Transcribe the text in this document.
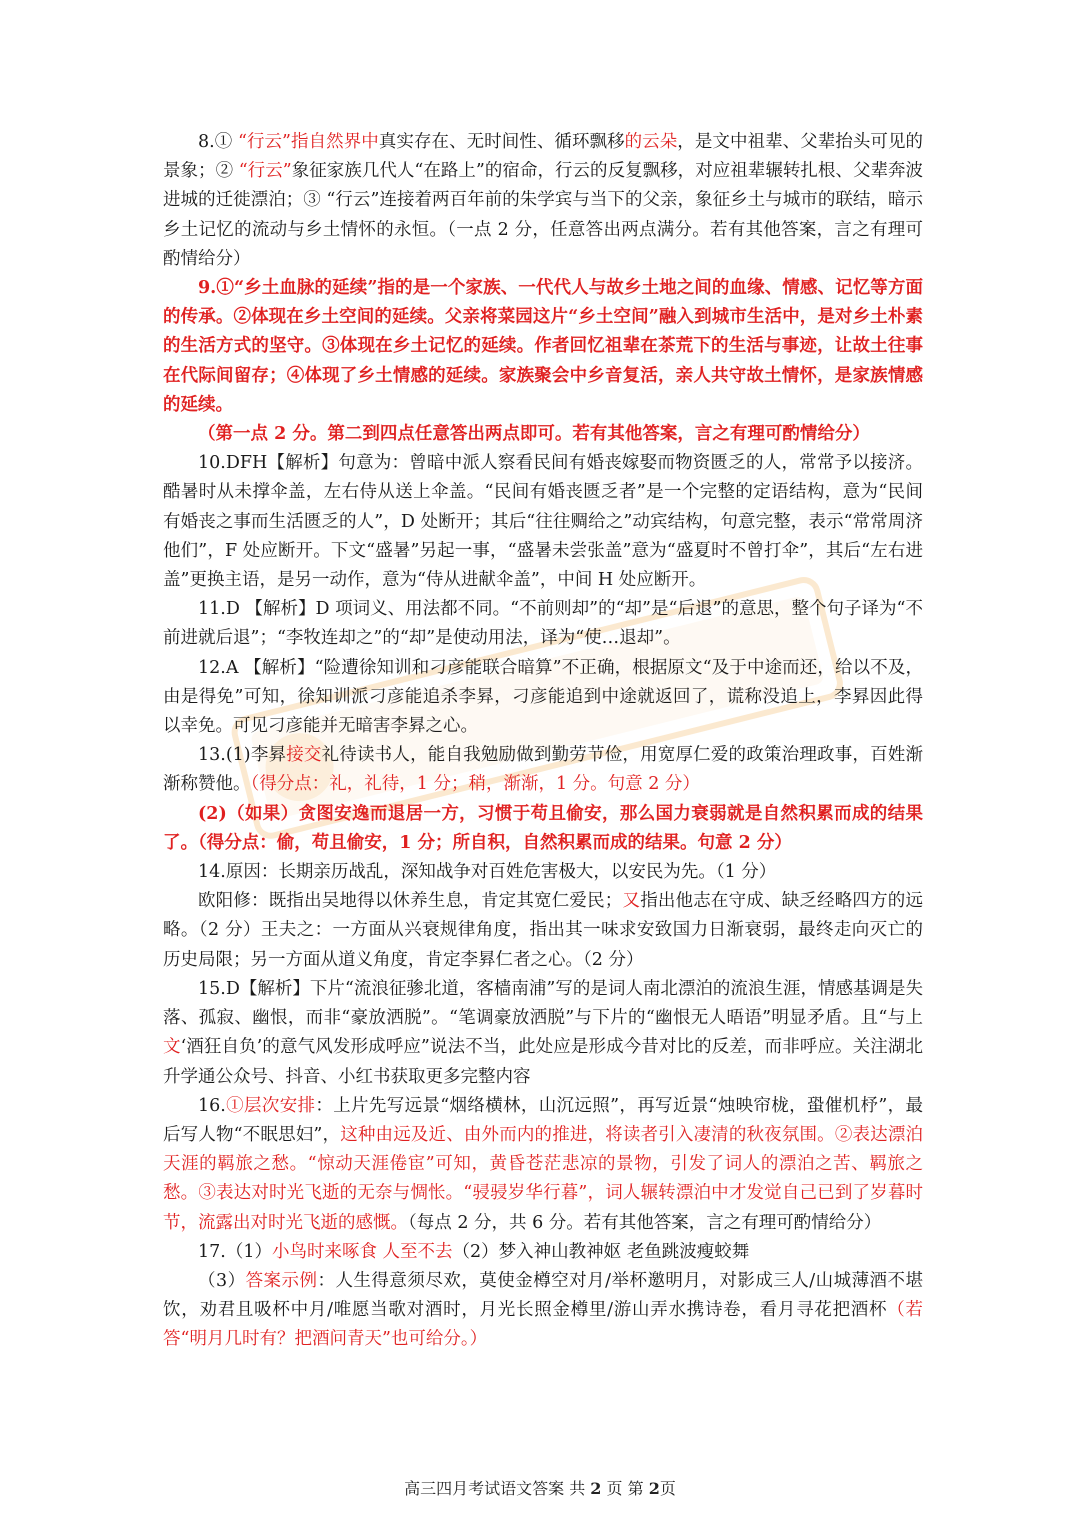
8.① “行云”指自然界中真实存在、无时间性、循环飘移的云朵，是文中祖辈、父辈抬头可见的景象；② “行云”象征家族几代人“在路上”的宿命，行云的反复飘移，对应祖辈辗转扎根、父辈奔波进城的迁徙漂泊；③ “行云”连接着两百年前的朱学宾与当下的父亲，象征乡土与城市的联结，暗示乡土记忆的流动与乡土情怀的永恒。（一点 2 分，任意答出两点满分。若有其他答案，言之有理可酌情给分）

9.①“乡土血脉的延续”指的是一个家族、一代代人与故乡土地之间的血缘、情感、记忆等方面的传承。②体现在乡土空间的延续。父亲将菜园这片“乡土空间”融入到城市生活中，是对乡土朴素的生活方式的坚守。③体现在乡土记忆的延续。作者回忆祖辈在茶荒下的生活与事迹，让故土往事在代际间留存；④体现了乡土情感的延续。家族聚会中乡音复活，亲人共守故土情怀，是家族情感的延续。

（第一点 2 分。第二到四点任意答出两点即可。若有其他答案，言之有理可酌情给分）

10.DFH【解析】句意为：曾暗中派人察看民间有婚丧嫁娶而物资匮乏的人，常常予以接济。酷暑时从未撑伞盖，左右侍从送上伞盖。“民间有婚丧匮乏者”是一个完整的定语结构，意为“民间有婚丧之事而生活匮乏的人”，D 处断开；其后“往往赒给之”动宾结构，句意完整，表示“常常周济他们”，F 处应断开。下文“盛暑”另起一事，“盛暑未尝张盖”意为“盛夏时不曾打伞”，其后“左右进盖”更换主语，是另一动作，意为“侍从进献伞盖”，中间 H 处应断开。

11.D 【解析】D 项词义、用法都不同。“不前则却”的“却”是“后退”的意思，整个句子译为“不前进就后退”；“李牧连却之”的“却”是使动用法，译为“使…退却”。

12.A 【解析】“险遭徐知训和刁彦能联合暗算”不正确，根据原文“及于中途而还，给以不及，由是得免”可知，徐知训派刁彦能追杀李昪，刁彦能追到中途就返回了，谎称没追上，李昪因此得以幸免。可见刁彦能并无暗害李昪之心。

13.(1)李昪接交礼待读书人，能自我勉励做到勤劳节俭，用宽厚仁爱的政策治理政事，百姓渐渐称赞他。（得分点：礼，礼待，1 分；稍，渐渐，1 分。句意 2 分）

(2)（如果）贪图安逸而退居一方，习惯于苟且偷安，那么国力衰弱就是自然积累而成的结果了。（得分点：偷，苟且偷安，1 分；所自积，自然积累而成的结果。句意 2 分）

14.原因：长期亲历战乱，深知战争对百姓危害极大，以安民为先。（1 分）

欧阳修：既指出吴地得以休养生息，肯定其宽仁爱民；又指出他志在守成、缺乏经略四方的远略。（2 分）王夫之：一方面从兴衰规律角度，指出其一味求安致国力日渐衰弱，最终走向灭亡的历史局限；另一方面从道义角度，肯定李昪仁者之心。（2 分）

15.D【解析】下片“流浪征骖北道，客樯南浦”写的是词人南北漂泊的流浪生涯，情感基调是失落、孤寂、幽恨，而非“豪放洒脱”。“笔调豪放洒脱”与下片的“幽恨无人晤语”明显矛盾。且“与上文‘酒狂自负’的意气风发形成呼应”说法不当，此处应是形成今昔对比的反差，而非呼应。关注湖北升学通公众号、抖音、小红书获取更多完整内容

16.①层次安排：上片先写远景“烟络横林，山沉远照”，再写近景“烛映帘栊，蛩催机杼”，最后写人物“不眠思妇”，这种由远及近、由外而内的推进，将读者引入凄清的秋夜氛围。②表达漂泊天涯的羁旅之愁。“惊动天涯倦宦”可知，黄昏苍茫悲凉的景物，引发了词人的漂泊之苦、羁旅之愁。③表达对时光飞逝的无奈与惆怅。“骎骎岁华行暮”，词人辗转漂泊中才发觉自己已到了岁暮时节，流露出对时光飞逝的感慨。（每点 2 分，共 6 分。若有其他答案，言之有理可酌情给分）

17.（1）小鸟时来啄食 人至不去（2）梦入神山教神妪 老鱼跳波瘦蛟舞

（3）答案示例：人生得意须尽欢，莫使金樽空对月/举杯邀明月，对影成三人/山城薄酒不堪饮，劝君且吸杯中月/唯愿当歌对酒时，月光长照金樽里/游山弄水携诗卷，看月寻花把酒杯（若答“明月几时有？把酒问青天”也可给分。）

高三四月考试语文答案 共 2 页 第 2页
